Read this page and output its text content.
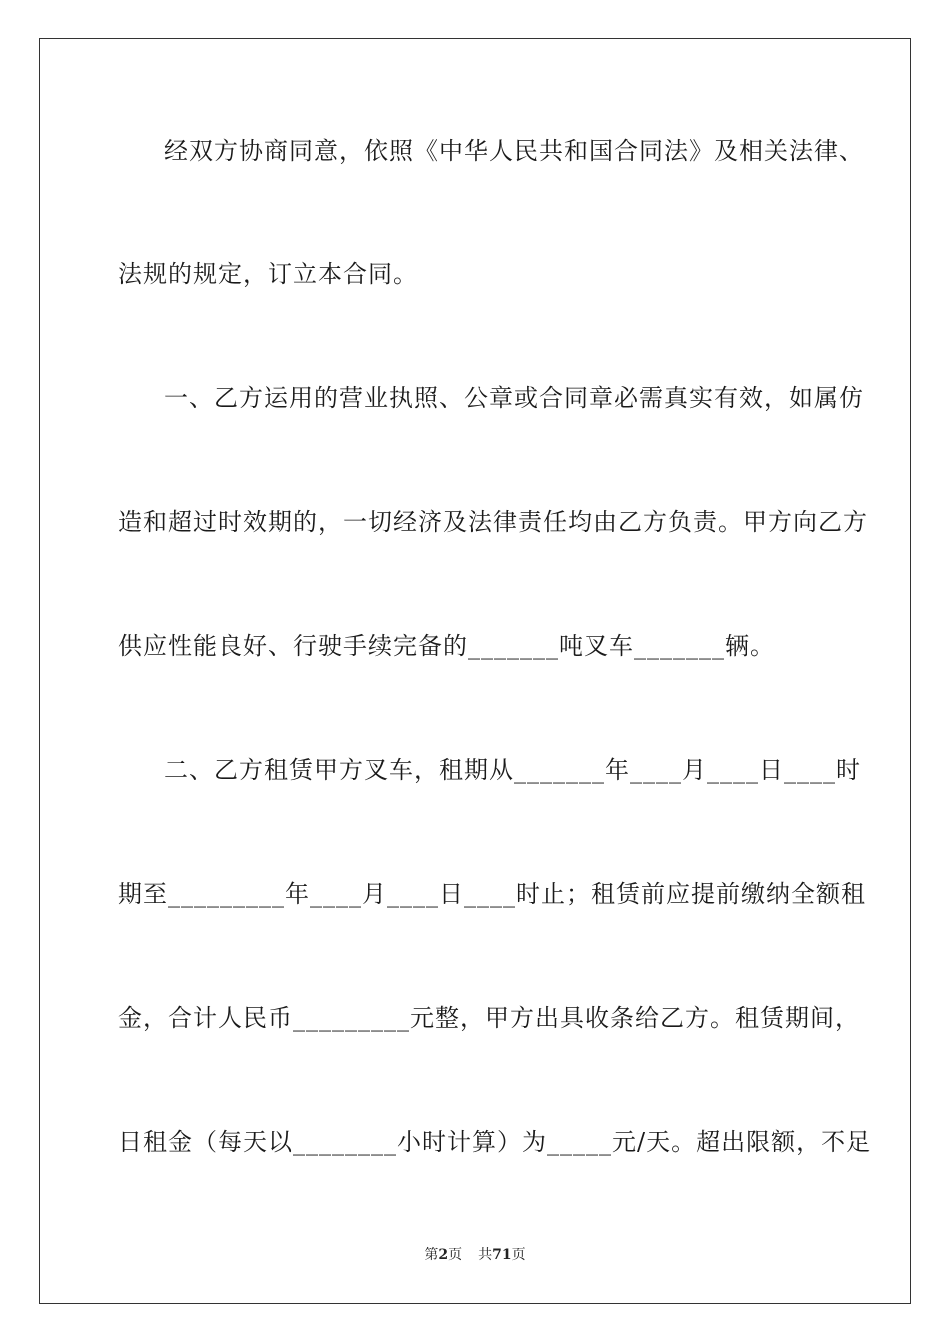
经双方协商同意，依照《中华人民共和国合同法》及相关法律、
法规的规定，订立本合同。
一、乙方运用的营业执照、公章或合同章必需真实有效，如属仿
造和超过时效期的，一切经济及法律责任均由乙方负责。甲方向乙方
供应性能良好、行驶手续完备的_______吨叉车_______辆。
二、乙方租赁甲方叉车，租期从_______年____月____日____时
期至_________年____月____日____时止；租赁前应提前缴纳全额租
金，合计人民币_________元整，甲方出具收条给乙方。租赁期间，
日租金（每天以________小时计算）为_____元/天。超出限额，不足
第2页 共71页
